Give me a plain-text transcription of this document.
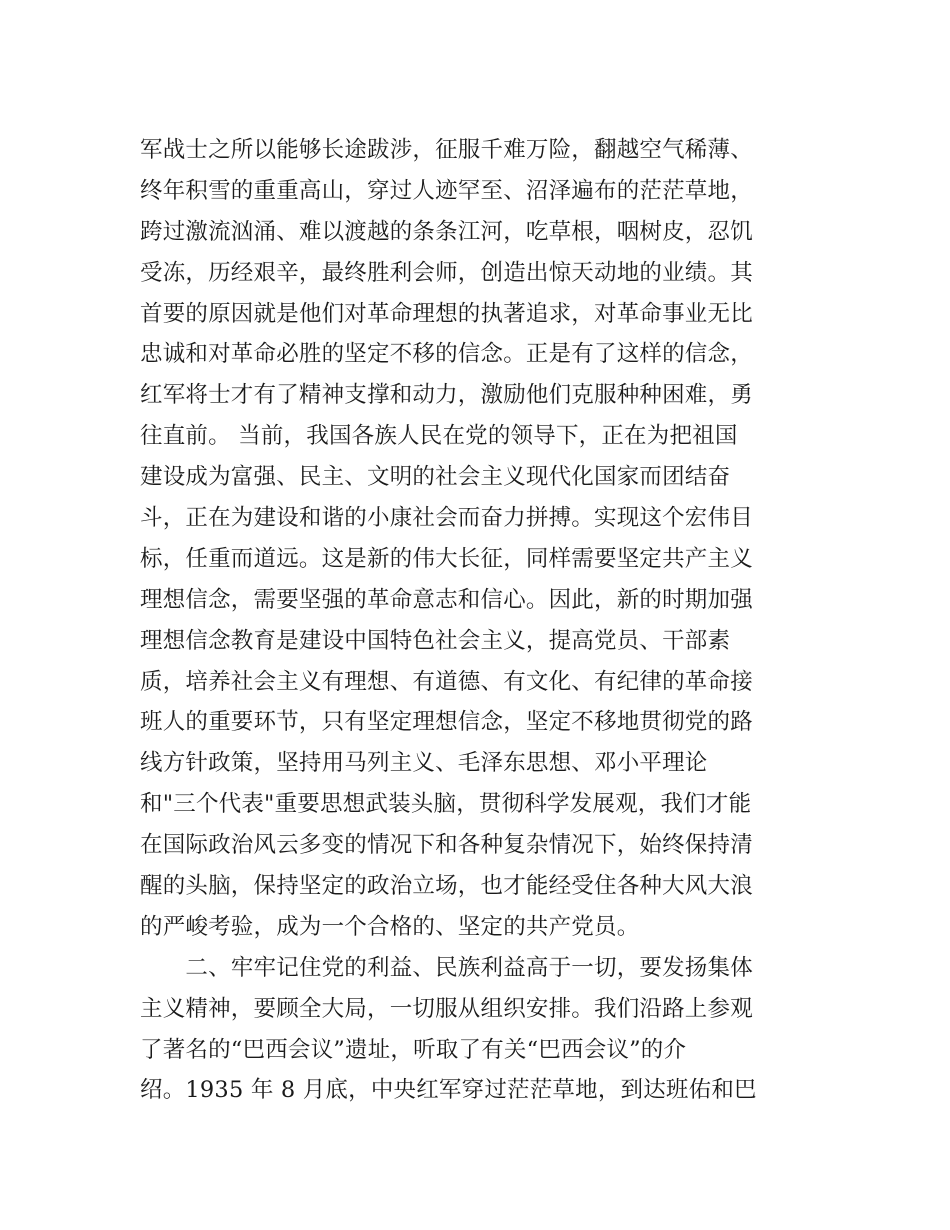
军战士之所以能够长途跋涉，征服千难万险，翻越空气稀薄、
终年积雪的重重高山，穿过人迹罕至、沼泽遍布的茫茫草地，
跨过激流汹涌、难以渡越的条条江河，吃草根，咽树皮，忍饥
受冻，历经艰辛，最终胜利会师，创造出惊天动地的业绩。其
首要的原因就是他们对革命理想的执著追求，对革命事业无比
忠诚和对革命必胜的坚定不移的信念。正是有了这样的信念，
红军将士才有了精神支撑和动力，激励他们克服种种困难，勇
往直前。 当前，我国各族人民在党的领导下，正在为把祖国
建设成为富强、民主、文明的社会主义现代化国家而团结奋
斗，正在为建设和谐的小康社会而奋力拼搏。实现这个宏伟目
标，任重而道远。这是新的伟大长征，同样需要坚定共产主义
理想信念，需要坚强的革命意志和信心。因此，新的时期加强
理想信念教育是建设中国特色社会主义，提高党员、干部素
质，培养社会主义有理想、有道德、有文化、有纪律的革命接
班人的重要环节，只有坚定理想信念，坚定不移地贯彻党的路
线方针政策，坚持用马列主义、毛泽东思想、邓小平理论
和"三个代表"重要思想武装头脑，贯彻科学发展观，我们才能
在国际政治风云多变的情况下和各种复杂情况下，始终保持清
醒的头脑，保持坚定的政治立场，也才能经受住各种大风大浪
的严峻考验，成为一个合格的、坚定的共产党员。
　　二、牢牢记住党的利益、民族利益高于一切，要发扬集体
主义精神，要顾全大局，一切服从组织安排。我们沿路上参观
了著名的“巴西会议”遗址，听取了有关“巴西会议”的介
绍。1935 年 8 月底，中央红军穿过茫茫草地，到达班佑和巴
